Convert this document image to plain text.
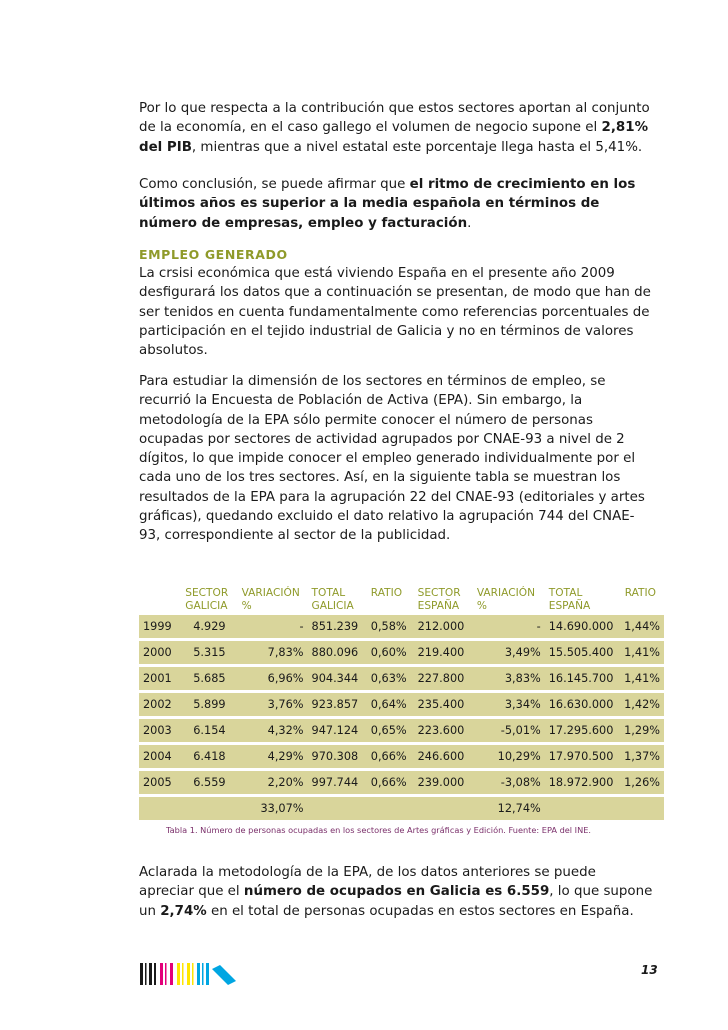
Por lo que respecta a la contribución que estos sectores aportan al conjunto de la economía, en el caso gallego el volumen de negocio supone el 2,81% del PIB, mientras que a nivel estatal este porcentaje llega hasta el 5,41%.

Como conclusión, se puede afirmar que el ritmo de crecimiento en los últimos años es superior a la media española en términos de número de empresas, empleo y facturación.

EMPLEO GENERADO

La crsisi económica que está viviendo España en el presente año 2009 desfigurará los datos que a continuación se presentan, de modo que han de ser tenidos en cuenta fundamentalmente como referencias porcentuales de participación en el tejido industrial de Galicia y no en términos de valores absolutos.

Para estudiar la dimensión de los sectores en términos de empleo, se recurrió la Encuesta de Población de Activa (EPA). Sin embargo, la metodología de la EPA sólo permite conocer el número de personas ocupadas por sectores de actividad agrupados por CNAE-93 a nivel de 2 dígitos, lo que impide conocer el empleo generado individualmente por el cada uno de los tres sectores. Así, en la siguiente tabla se muestran los resultados de la EPA para la agrupación 22 del CNAE-93 (editoriales y artes gráficas), quedando excluido el dato relativo la agrupación 744 del CNAE-93, correspondiente al sector de la publicidad.

	SECTOR GALICIA	VARIACIÓN %	TOTAL GALICIA	RATIO	SECTOR ESPAÑA	VARIACIÓN %	TOTAL ESPAÑA	RATIO
1999	4.929	-	851.239	0,58%	212.000	-	14.690.000	1,44%
2000	5.315	7,83%	880.096	0,60%	219.400	3,49%	15.505.400	1,41%
2001	5.685	6,96%	904.344	0,63%	227.800	3,83%	16.145.700	1,41%
2002	5.899	3,76%	923.857	0,64%	235.400	3,34%	16.630.000	1,42%
2003	6.154	4,32%	947.124	0,65%	223.600	-5,01%	17.295.600	1,29%
2004	6.418	4,29%	970.308	0,66%	246.600	10,29%	17.970.500	1,37%
2005	6.559	2,20%	997.744	0,66%	239.000	-3,08%	18.972.900	1,26%
		33,07%				12,74%		

Tabla 1. Número de personas ocupadas en los sectores de Artes gráficas y Edición. Fuente: EPA del INE.

Aclarada la metodología de la EPA, de los datos anteriores se puede apreciar que el número de ocupados en Galicia es 6.559, lo que supone un 2,74% en el total de personas ocupadas en estos sectores en España.

13
